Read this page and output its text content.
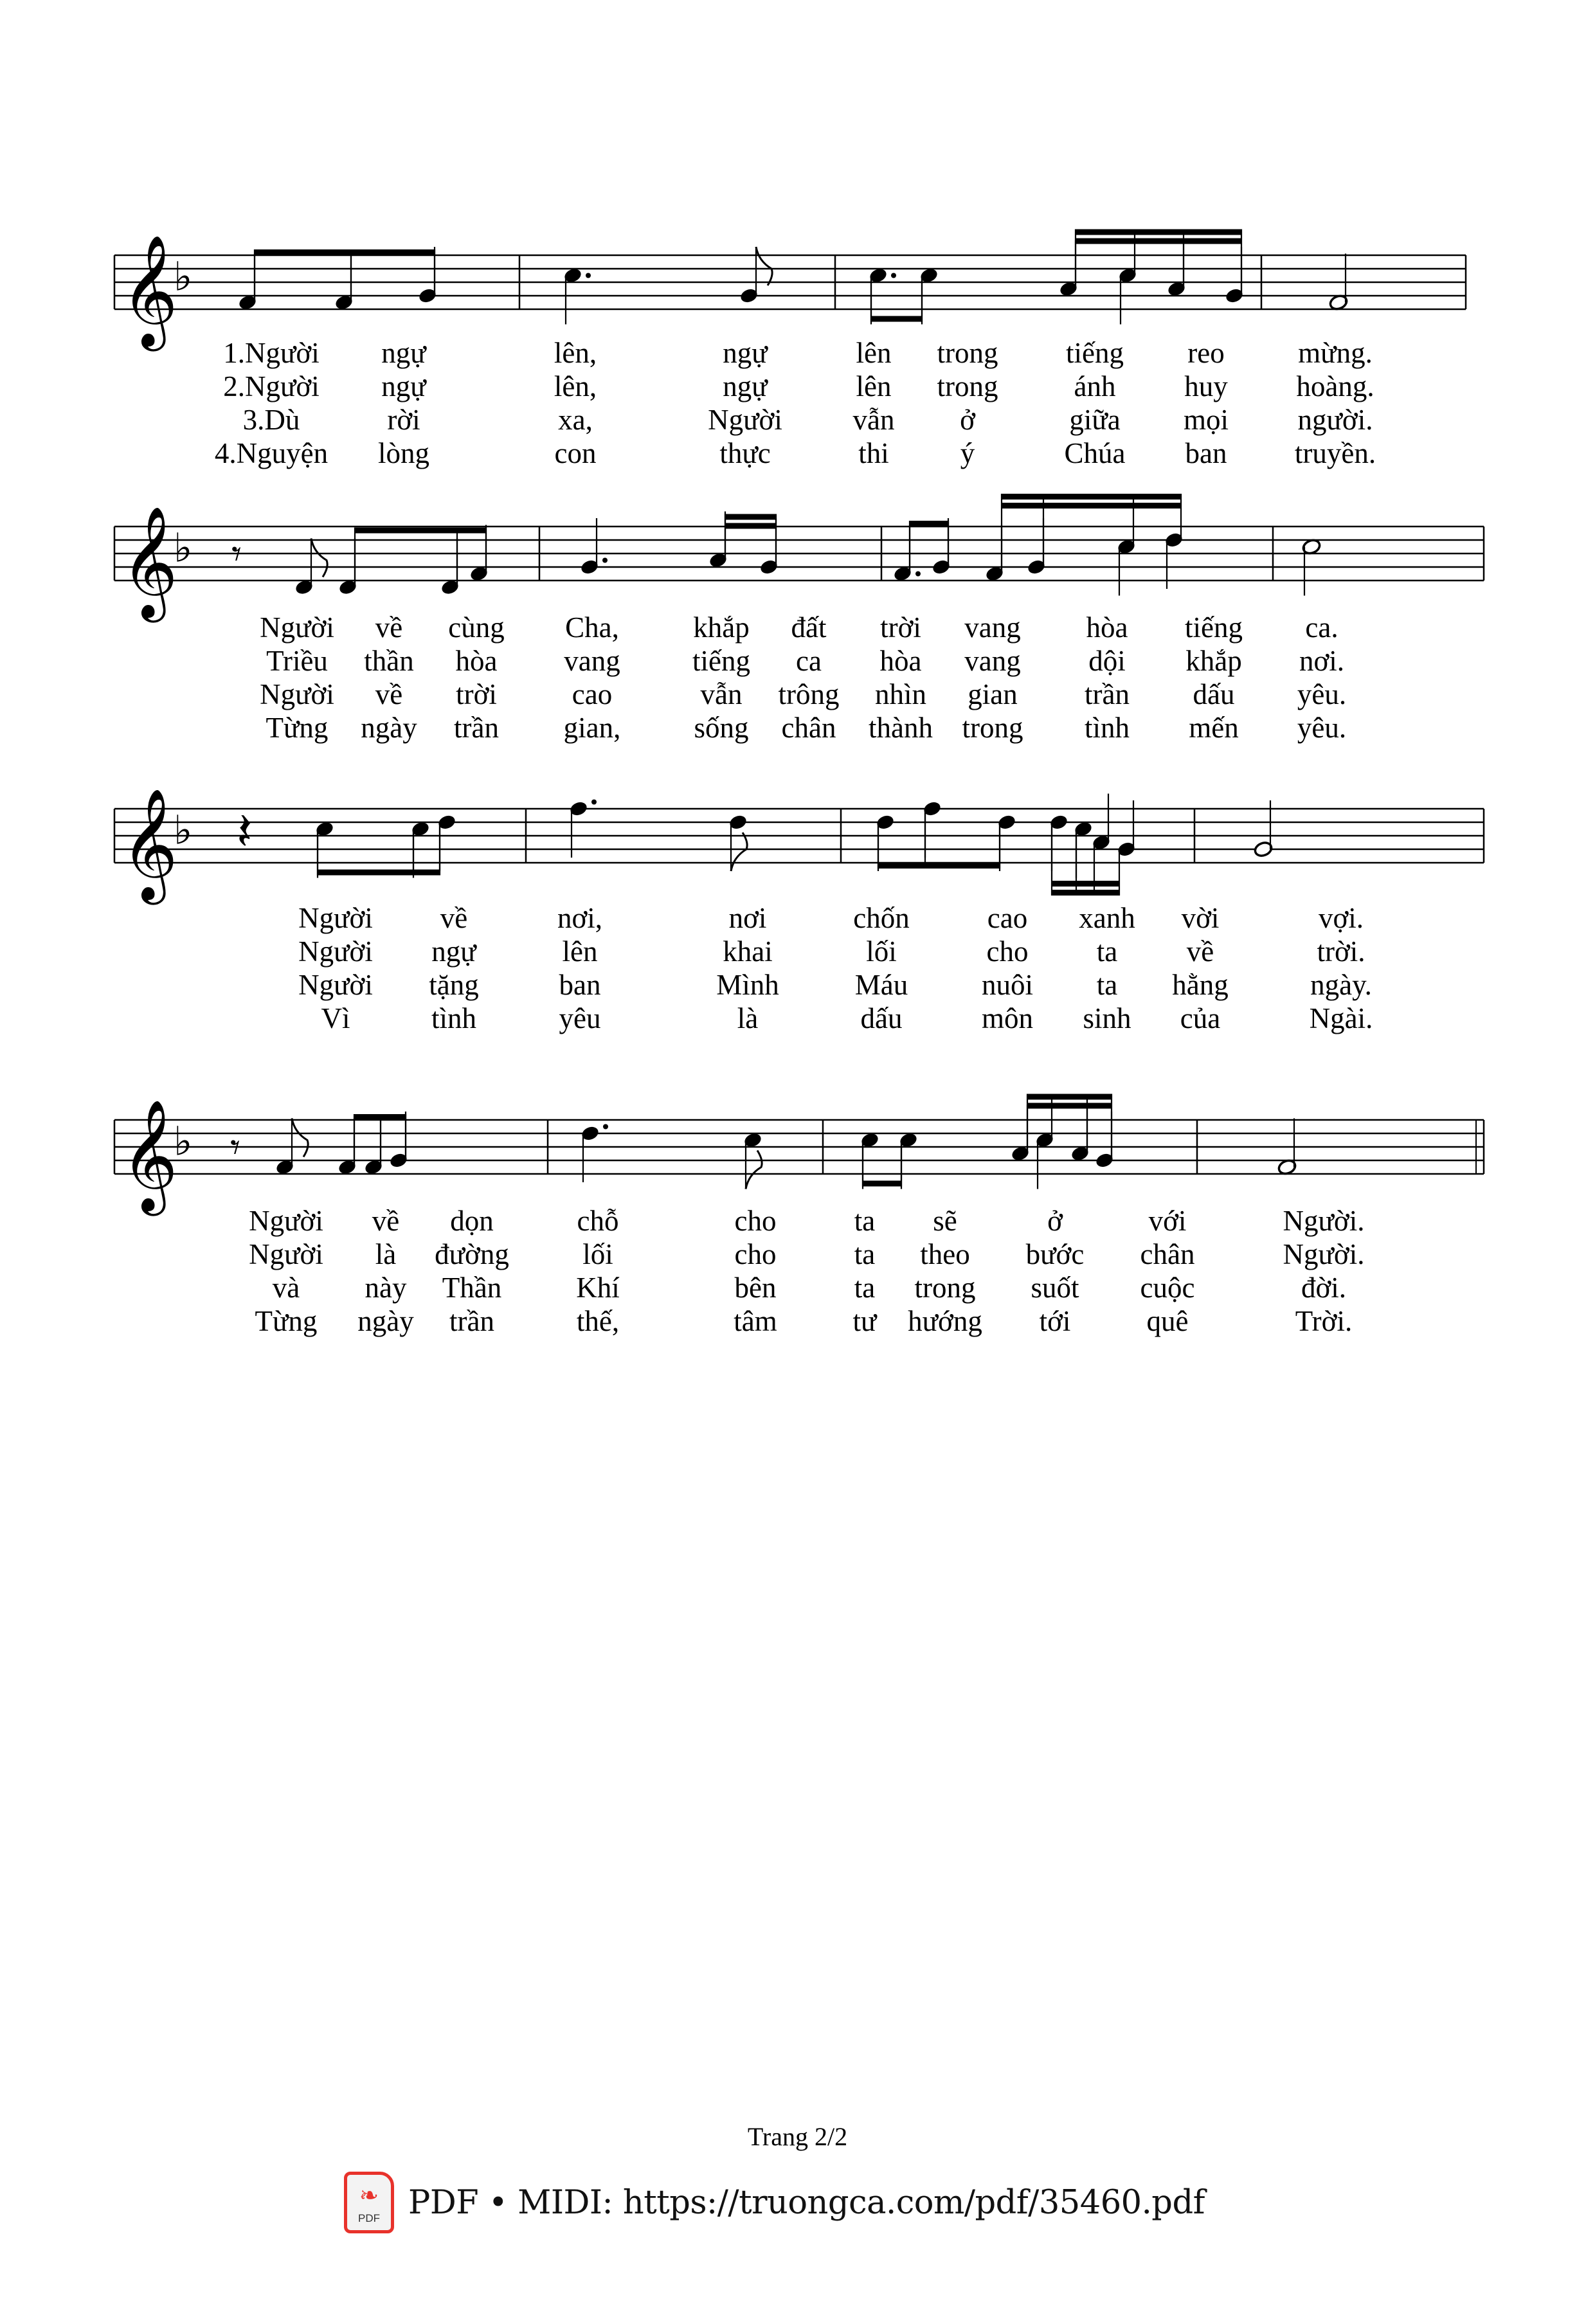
𝄞
♭
𝄞
♭ 𝄾
𝄞
♭ 𝄽
𝄞
♭ 𝄾
1.Người ngự	lên,	ngự	lên trong tiếng reo	mừng.
2.Người ngự	lên,	ngự	lên trong	ánh huy hoàng.
3.Dù	rời	xa,	Người vẫn ở	giữa mọi người.
4.Nguyện lòng	con	thực	thi ý	Chúa ban truyền.
Người về cùng Cha,	khắp đất trời vang hòa tiếng ca.
Triều thần hòa vang tiếng ca hòa vang dội khắp nơi.
Người về trời	cao	vẫn trông nhìn gian trần dấu yêu.
Từng ngày trần gian,	sống chân thành trong tình mến yêu.
Người về	nơi,	nơi	chốn	cao xanh vời	vợi.
Người ngự	lên	khai	lối	cho ta về	trời.
Người tặng	ban	Mình	Máu	nuôi ta hằng	ngày.
Vì	tình	yêu	là	dấu	môn sinh của	Ngài.
Người về dọn	chỗ	cho	ta sẽ	ở	với	Người.
Người là đường	lối	cho	ta theo bước chân	Người.
và này Thần	Khí	bên	ta trong suốt cuộc	đời.
Từng ngày trần	thế,	tâm	tư hướng tới	quê	Trời.
Trang 2/2
❧
PDF PDF • MIDI: https://truongca.com/pdf/35460.pdf
